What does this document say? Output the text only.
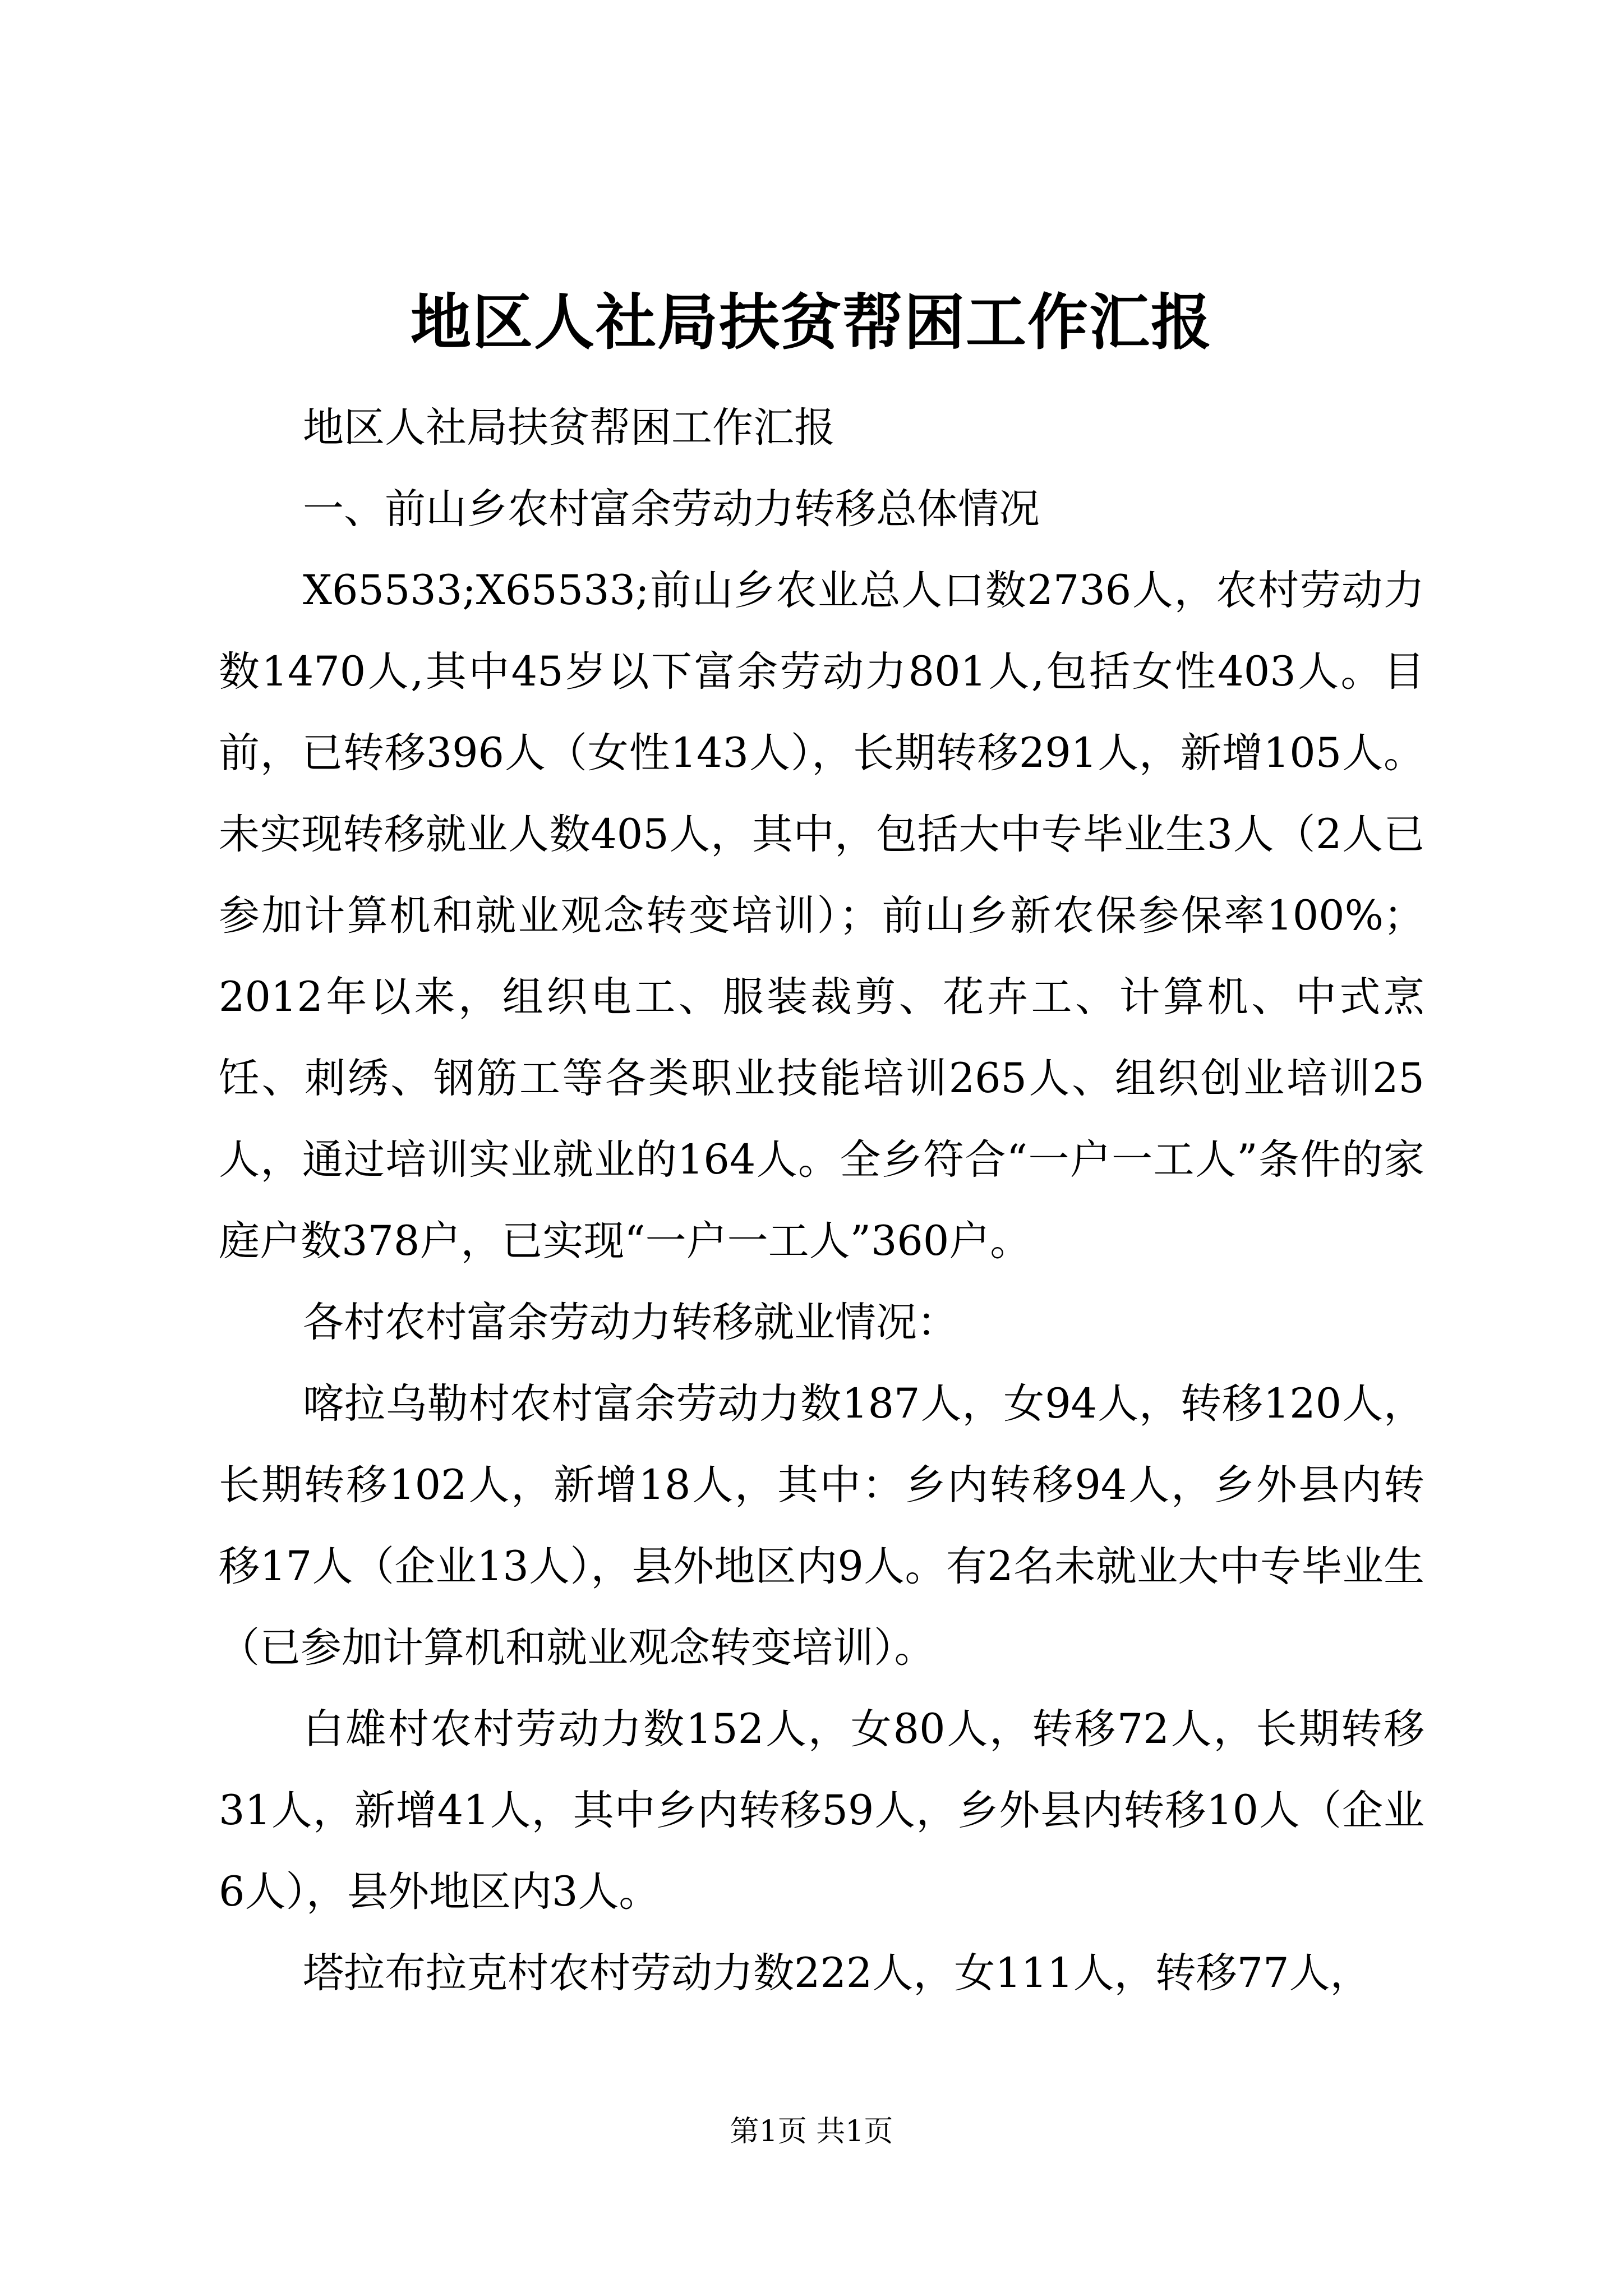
地区人社局扶贫帮困工作汇报

地区人社局扶贫帮困工作汇报

一、前山乡农村富余劳动力转移总体情况

X65533;X65533;前山乡农业总人口数2736人，农村劳动力数1470人,其中45岁以下富余劳动力801人,包括女性403人。目前，已转移396人（女性143人），长期转移291人，新增105人。未实现转移就业人数405人，其中，包括大中专毕业生3人（2人已参加计算机和就业观念转变培训）；前山乡新农保参保率100%；2012年以来，组织电工、服装裁剪、花卉工、计算机、中式烹饪、刺绣、钢筋工等各类职业技能培训265人、组织创业培训25人，通过培训实业就业的164人。全乡符合“一户一工人”条件的家庭户数378户，已实现“一户一工人”360户。

各村农村富余劳动力转移就业情况：

喀拉乌勒村农村富余劳动力数187人，女94人，转移120人，长期转移102人，新增18人，其中：乡内转移94人，乡外县内转移17人（企业13人），县外地区内9人。有2名未就业大中专毕业生（已参加计算机和就业观念转变培训）。

白雄村农村劳动力数152人，女80人，转移72人，长期转移31人，新增41人，其中乡内转移59人，乡外县内转移10人（企业6人），县外地区内3人。

塔拉布拉克村农村劳动力数222人，女111人，转移77人，

第1页 共1页
